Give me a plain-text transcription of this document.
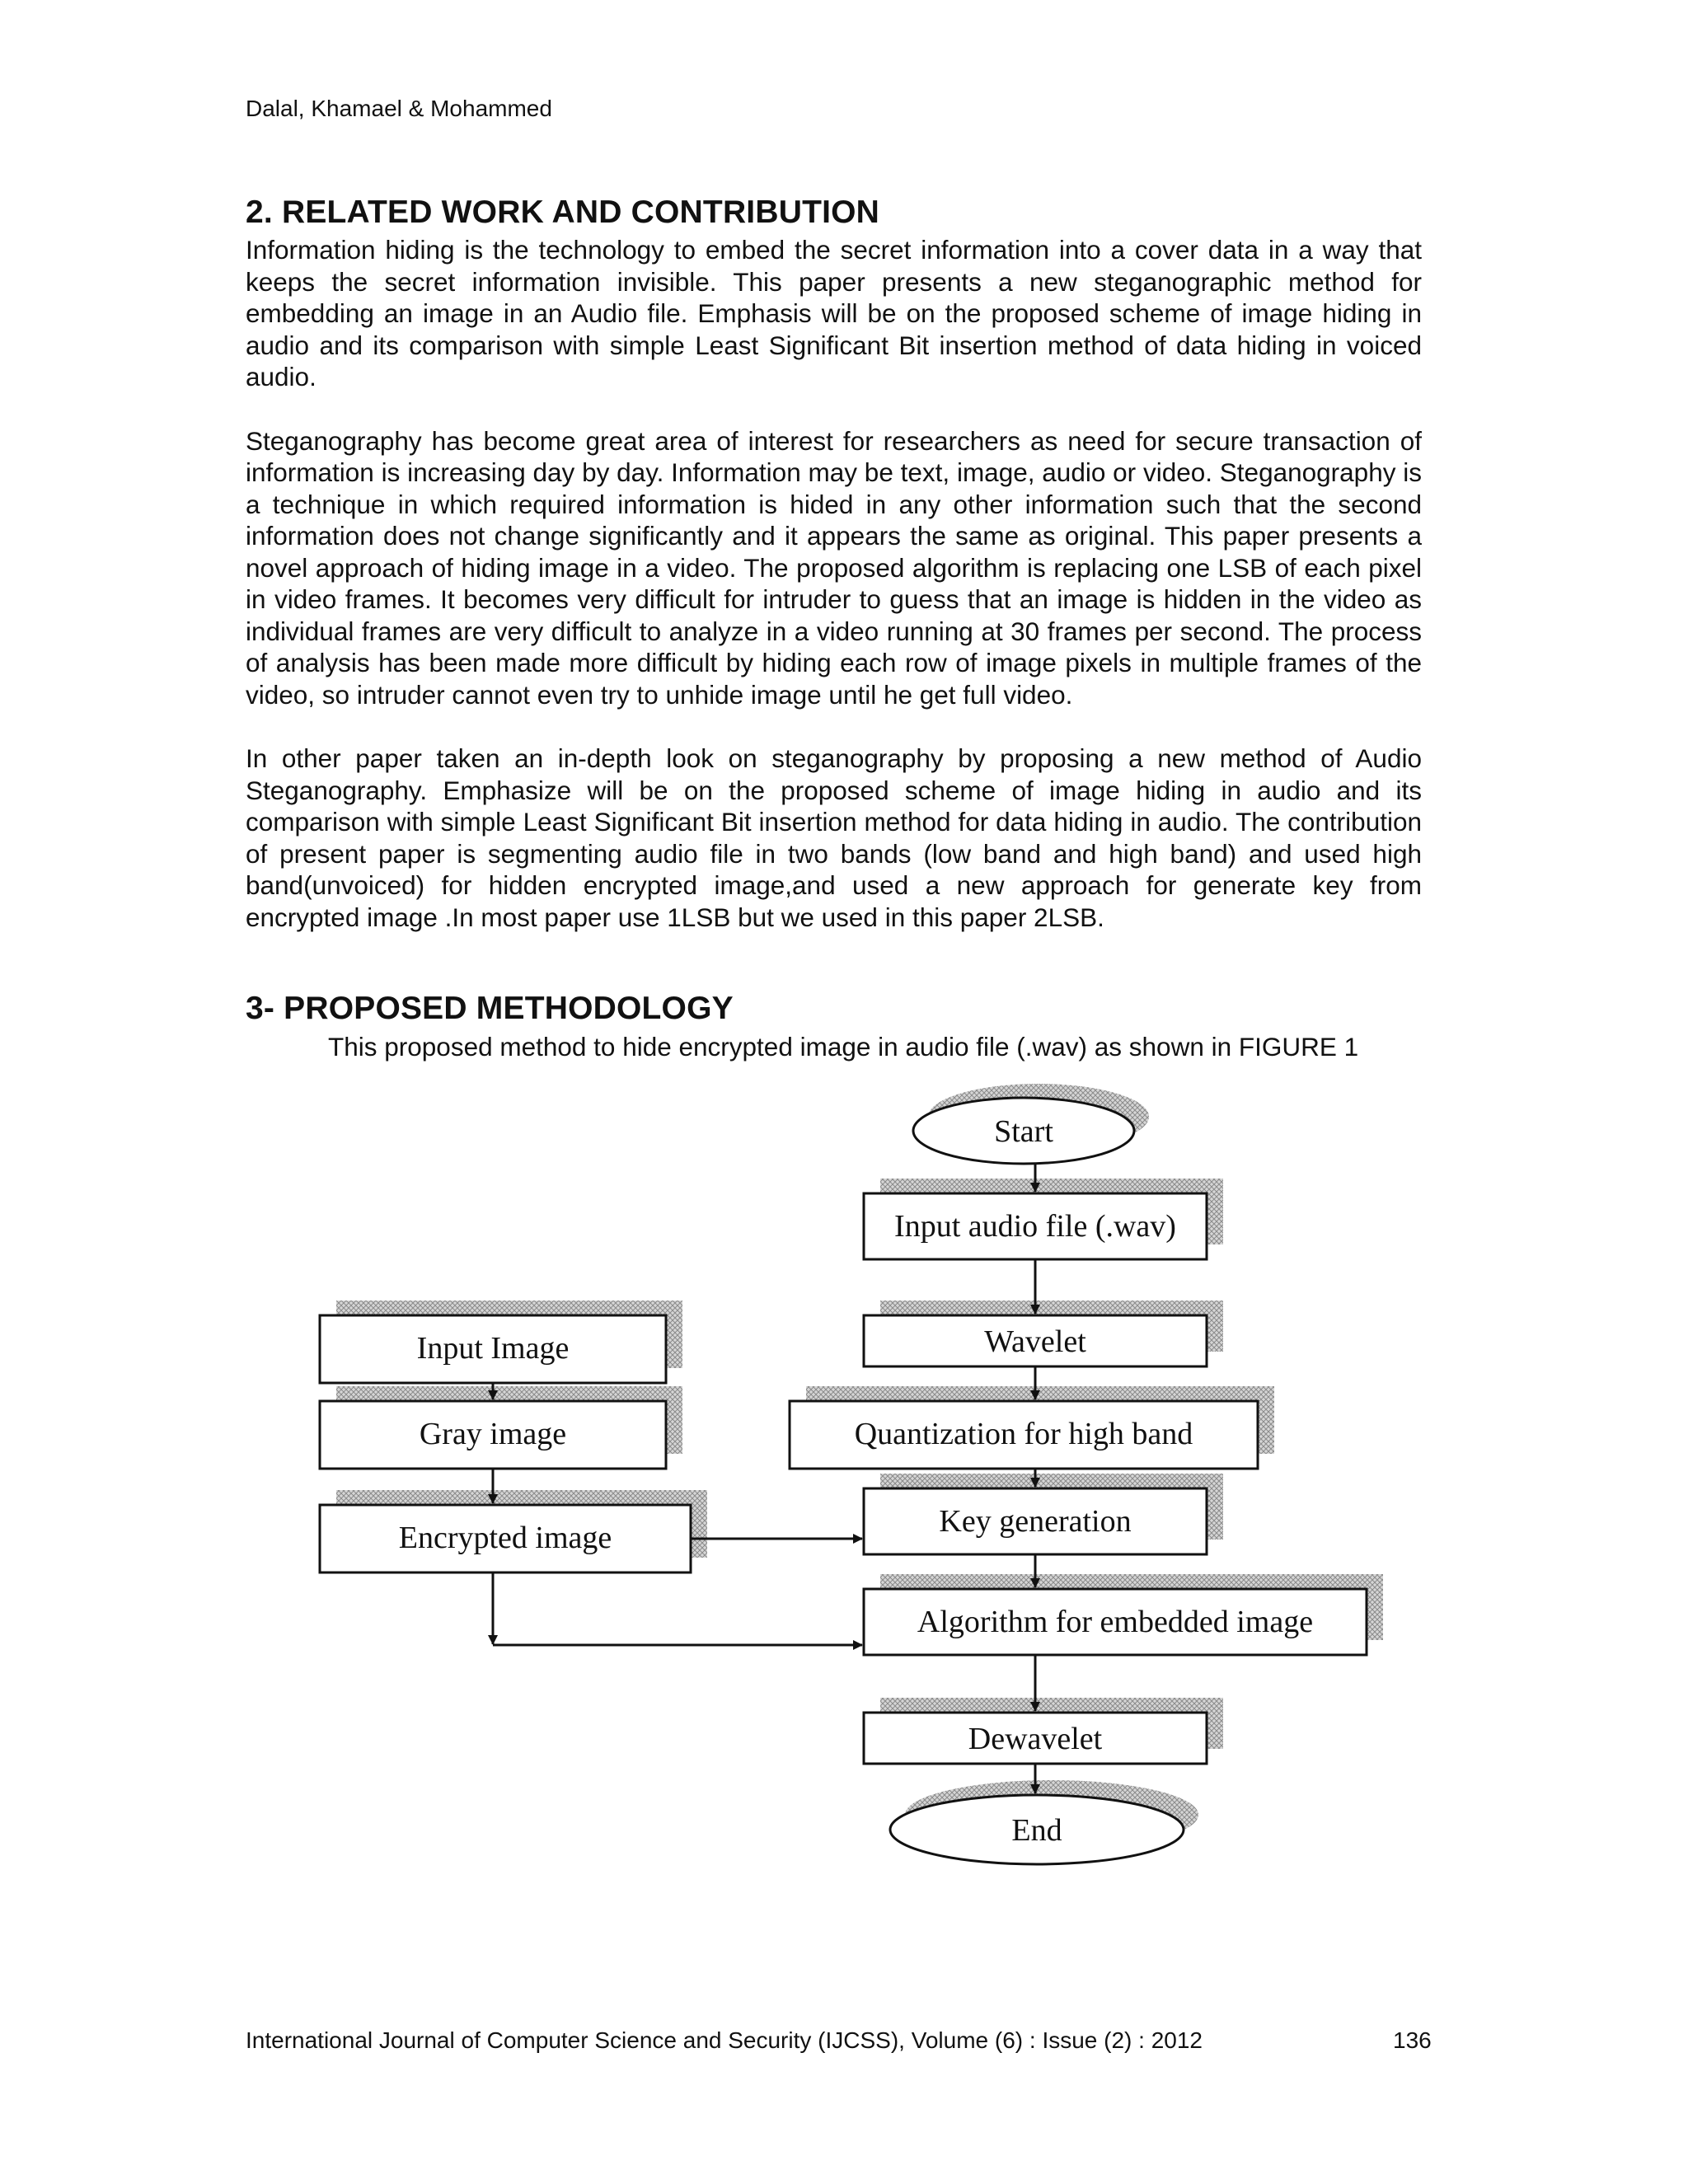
Dalal, Khamael & Mohammed
2. RELATED WORK AND CONTRIBUTION

Information hiding is the technology to embed the secret information into a cover data in a way that keeps the secret information invisible. This paper presents a new steganographic method for embedding an image in an Audio file. Emphasis will be on the proposed scheme of image hiding in audio and its comparison with simple Least Significant Bit insertion method of data hiding in voiced audio.

Steganography has become great area of interest for researchers as need for secure transaction of information is increasing day by day. Information may be text, image, audio or video. Steganography is a technique in which required information is hided in any other information such that the second information does not change significantly and it appears the same as original. This paper presents a novel approach of hiding image in a video. The proposed algorithm is replacing one LSB of each pixel in video frames. It becomes very difficult for intruder to guess that an image is hidden in the video as individual frames are very difficult to analyze in a video running at 30 frames per second. The process of analysis has been made more difficult by hiding each row of image pixels in multiple frames of the video, so intruder cannot even try to unhide image until he get full video.

In other paper taken an in-depth look on steganography by proposing a new method of Audio Steganography. Emphasize will be on the proposed scheme of image hiding in audio and its comparison with simple Least Significant Bit insertion method for data hiding in audio. The contribution of present paper is segmenting audio file in two bands (low band and high band) and used high band(unvoiced) for hidden encrypted image,and used a new approach for generate key from encrypted image .In most paper use 1LSB but we used in this paper 2LSB.

3- PROPOSED METHODOLOGY
This proposed method to hide encrypted image in audio file (.wav) as shown in FIGURE 1
Start
Input audio file (.wav)
Wavelet
Quantization for high band
Key generation
Algorithm for embedded image
Dewavelet
End
Input Image
Gray image
Encrypted image
International Journal of Computer Science and Security (IJCSS), Volume (6) : Issue (2) : 2012	136
